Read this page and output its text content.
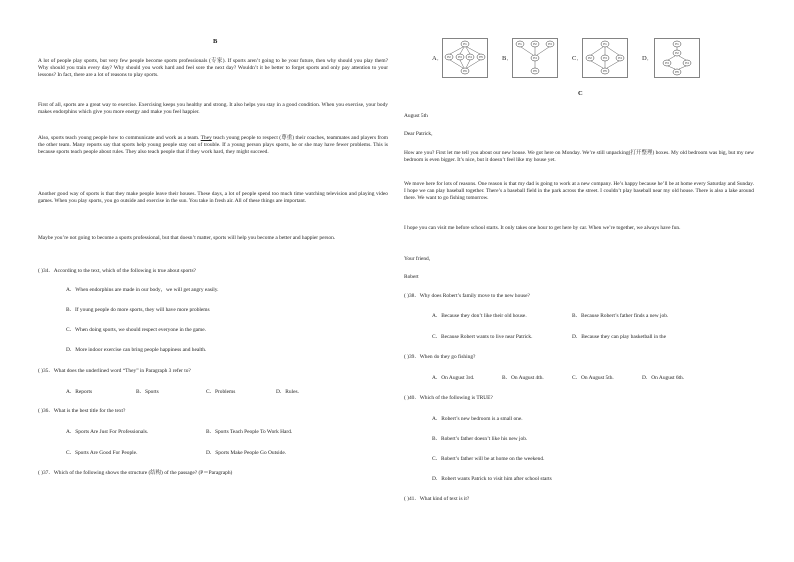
B
A lot of people play sports, but very few people become sports professionals (专家). If sports aren’t going to be your future, then why should you play them? Why should you train every day? Why should you work hard and feel sore the next day? Wouldn’t it be better to forget sports and only pay attention to your lessons? In fact, there are a lot of reasons to play sports.
First of all, sports are a great way to exercise. Exercising keeps you healthy and strong. It also helps you stay in a good condition. When you exercise, your body makes endorphins which give you more energy and make you feel happier.
Also, sports teach young people how to communicate and work as a team. They teach young people to respect (尊重) their coaches, teammates and players from the other team. Many reports say that sports help young people stay out of trouble. If a young person plays sports, he or she may have fewer problems. This is because sports teach people about rules. They also teach people that if they work hard, they might succeed.
Another good way of sports is that they make people leave their houses. These days, a lot of people spend too much time watching television and playing video games. When you play sports, you go outside and exercise in the sun. You take in fresh air. All of these things are important.
Maybe you’re not going to become a sports professional, but that doesn’t matter, sports will help you become a better and happier person.
( )34．According to the text, which of the following is true about sports?
A．When endorphins are made in our body，we will get angry easily.
B．If young people do more sports, they will have more problems
C．When doing sports, we should respect everyone in the game.
D．More indoor exercise can bring people happiness and health.
( )35．What does the underlined word “They” in Paragraph 3 refer to?
A．Reports	B．Sports	C．Problems	D．Rules.
( )36．What is the best title for the text?
A．Sports Are Just For Professionals.	B．Sports Teach People To Work Hard.
C．Sports Are Good For People.	D．Sports Make People Go Outside.
( )37．Which of the following shows the structure (结构) of the passage? (P＝Paragraph)
A．
P1
P2 P3 P4 P5
P6
B．
P1	P2	P3
P4
P5
C．
P1
P2	P3	P4
P5
D．
P1
P2
P3	P4
P5
C
August 5th
Dear Patrick,
How are you? First let me tell you about our new house. We got here on Monday. We’re still unpacking(打开整理) boxes. My old bedroom was big, but my new bedroom is even bigger. It’s nice, but it doesn’t feel like my house yet.
We move here for lots of reasons. One reason is that my dad is going to work at a new company. He’s happy because he’ll be at home every Saturday and Sunday. I hope we can play baseball together. There’s a baseball field in the park across the street. I couldn’t play baseball near my old house. There is also a lake around there. We want to go fishing tomorrow.
I hope you can visit me before school starts. It only takes one hour to get here by car. When we’re together, we always have fun.
Your friend,
Robert
( )38．Why does Robert’s family move to the new house?
A．Because they don’t like their old house.	B．Because Robert’s father finds a new job.
C．Because Robert wants to live near Patrick.	D．Because they can play basketball in the
( )39．When do they go fishing?
A．On August 3rd.	B．On August 4th.	C．On August 5th.	D．On August 6th.
( )40．Which of the following is TRUE?
A．Robert’s new bedroom is a small one.
B．Robert’s father doesn’t like his new job.
C．Robert’s father will be at home on the weekend.
D．Robert wants Patrick to visit him after school starts
( )41．What kind of text is it?
